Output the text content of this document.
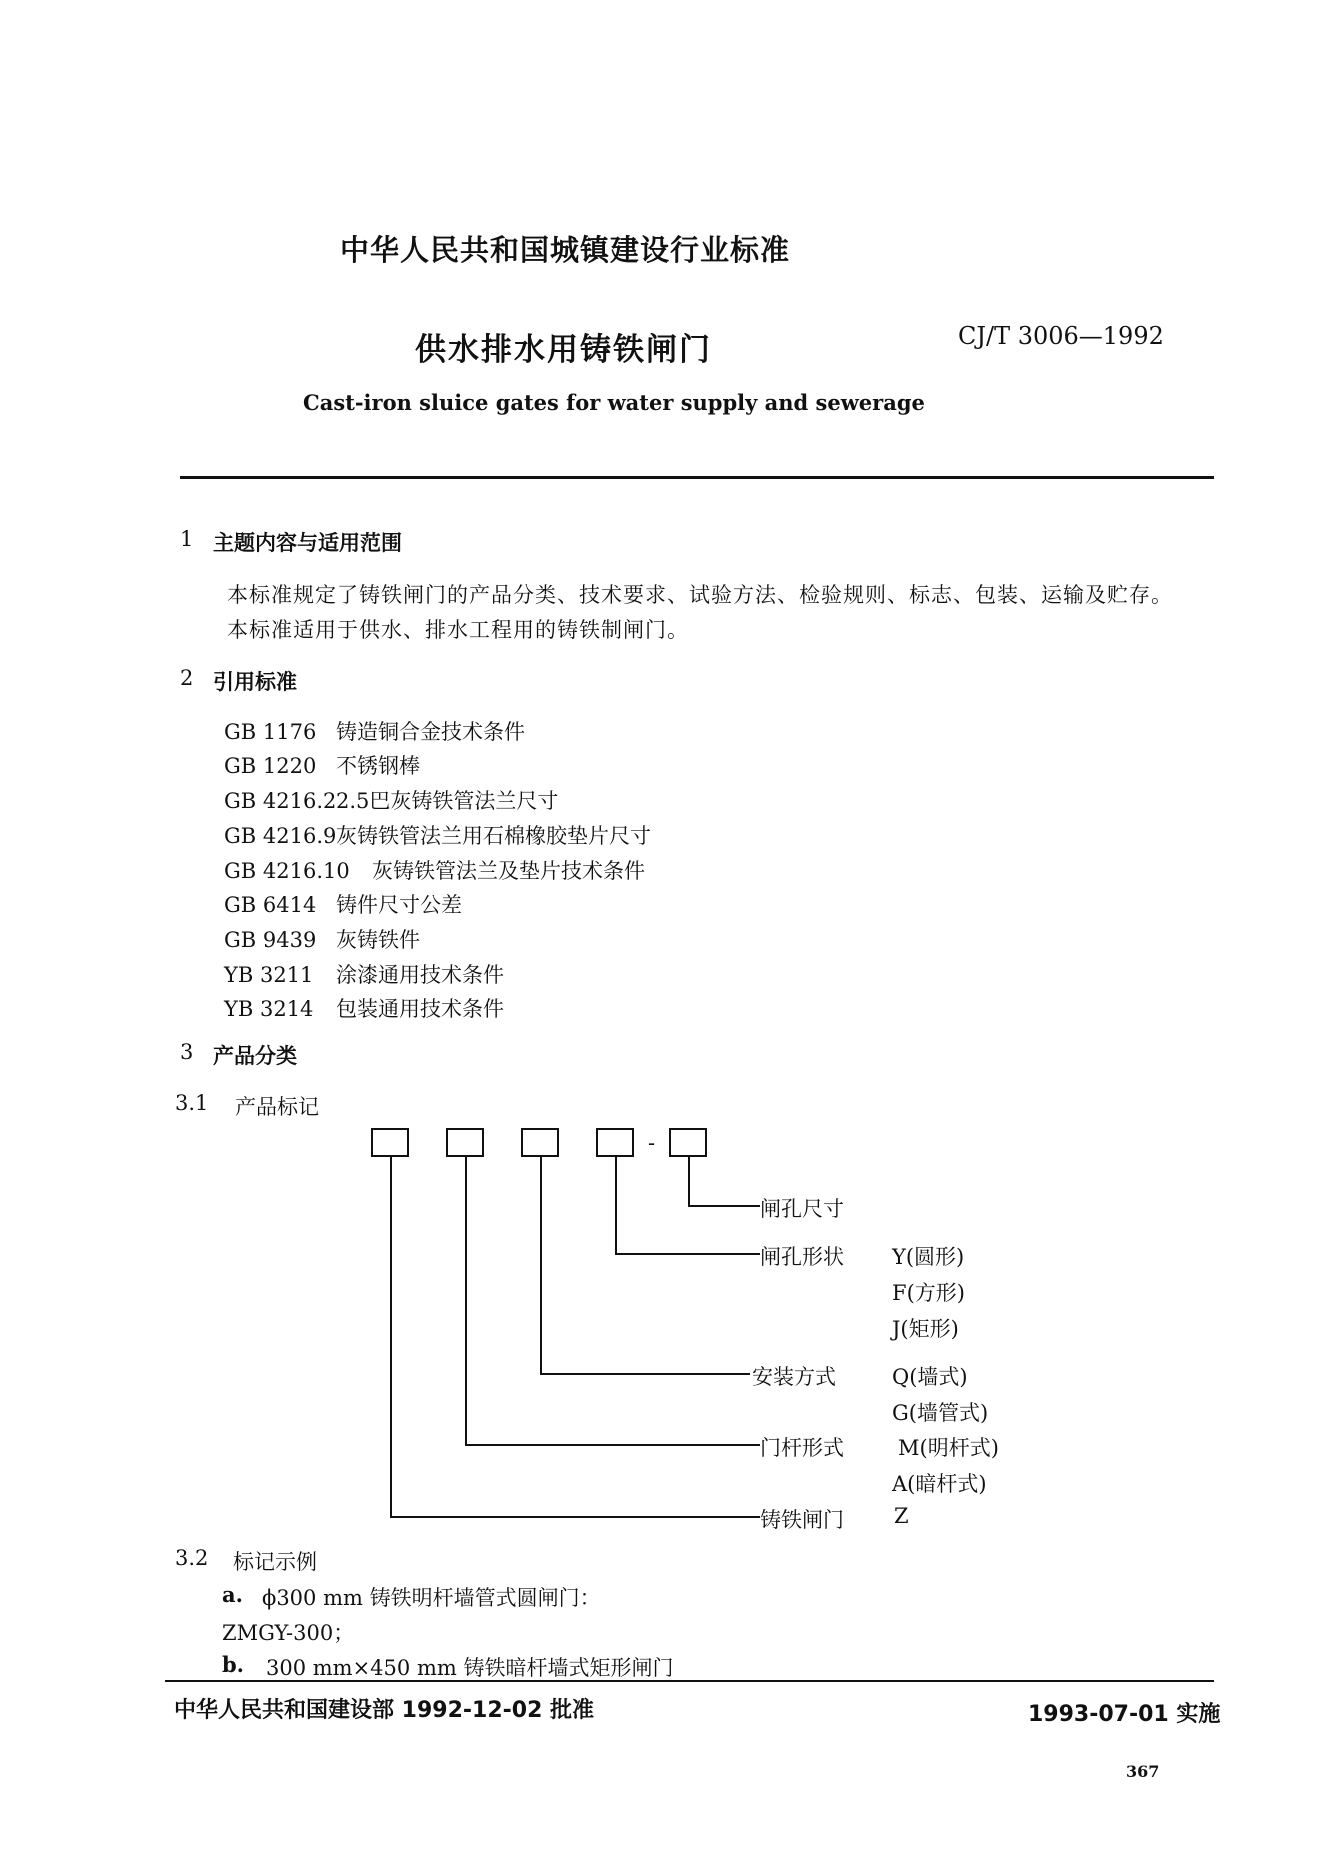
中华人民共和国城镇建设行业标准
供水排水用铸铁闸门	CJ/T 3006—1992
Cast-iron sluice gates for water supply and sewerage
1 主题内容与适用范围
本标准规定了铸铁闸门的产品分类、技术要求、试验方法、检验规则、标志、包装、运输及贮存。
本标准适用于供水、排水工程用的铸铁制闸门。
2 引用标准
GB 1176 铸造铜合金技术条件
GB 1220 不锈钢棒
GB 4216.22.5巴灰铸铁管法兰尺寸
GB 4216.9灰铸铁管法兰用石棉橡胶垫片尺寸
GB 4216.10 灰铸铁管法兰及垫片技术条件
GB 6414 铸件尺寸公差
GB 9439 灰铸铁件
YB 3211 涂漆通用技术条件
YB 3214 包装通用技术条件
3 产品分类
3.1 产品标记
-
闸孔尺寸
闸孔形状
安装方式
门杆形式
铸铁闸门
Y(圆形)
F(方形)
J(矩形)
Q(墙式)
G(墙管式)
M(明杆式)
A(暗杆式)
Z
3.2 标记示例
a. ϕ300 mm 铸铁明杆墙管式圆闸门：
ZMGY-300；
b. 300 mm×450 mm 铸铁暗杆墙式矩形闸门
中华人民共和国建设部 1992-12-02 批准	1993-07-01 实施
367
